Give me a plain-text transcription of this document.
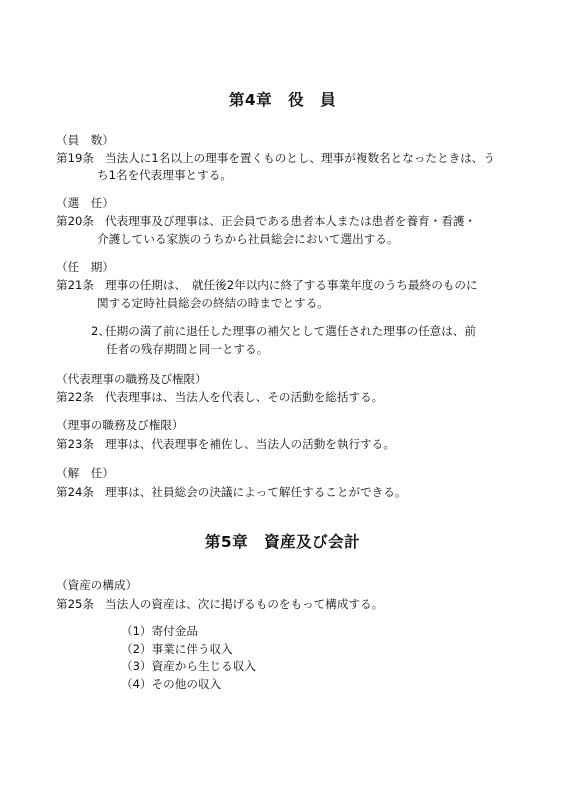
第4章　役　員
（員　数）
第19条 当法人に1名以上の理事を置くものとし、理事が複数名となったときは、う
ち1名を代表理事とする。
（選　任）
第20条 代表理事及び理事は、正会員である患者本人または患者を養育・看護・
介護している家族のうちから社員総会において選出する。
（任　期）
第21条 理事の任期は、　就任後2年以内に終了する事業年度のうち最終のものに
関する定時社員総会の終結の時までとする。
2、
任期の満了前に退任した理事の補欠として選任された理事の任意は、前
任者の残存期間と同一とする。
（代表理事の職務及び権限）
第22条 代表理事は、当法人を代表し、その活動を総括する。
（理事の職務及び権限）
第23条 理事は、代表理事を補佐し、当法人の活動を執行する。
（解　任）
第24条 理事は、社員総会の決議によって解任することができる。
第5章　資産及び会計
（資産の構成）
第25条 当法人の資産は、次に掲げるものをもって構成する。
（1）寄付金品
（2）事業に伴う収入
（3）資産から生じる収入
（4）その他の収入
